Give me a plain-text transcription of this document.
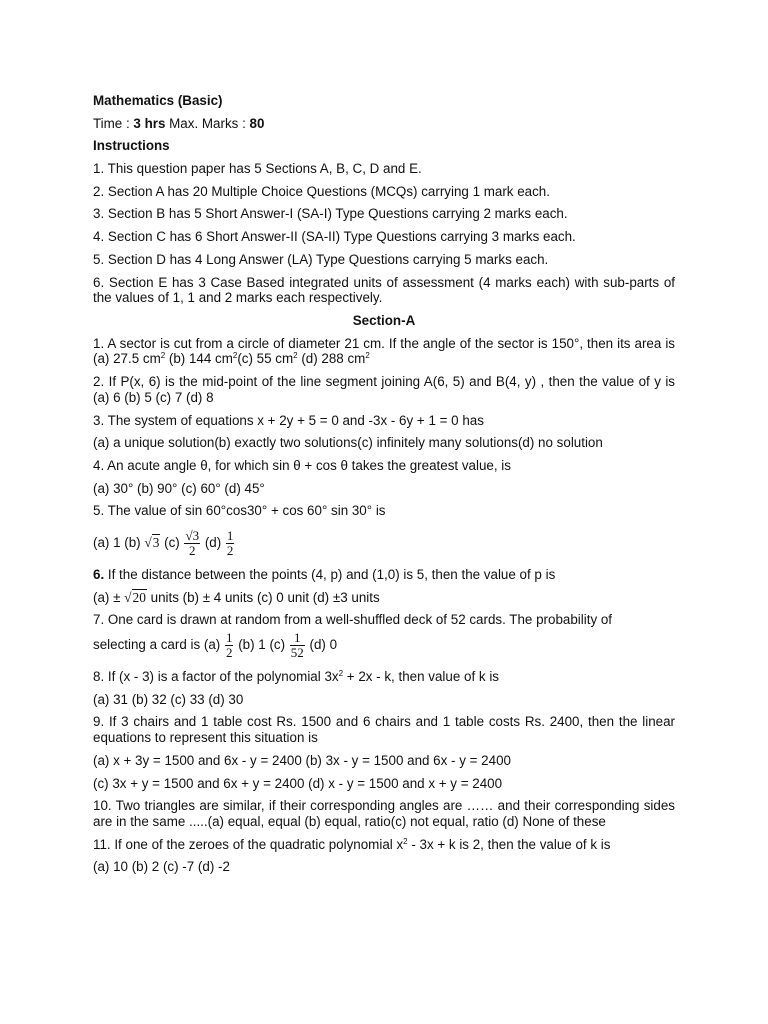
Mathematics (Basic)
Time : 3 hrs Max. Marks : 80
Instructions
1. This question paper has 5 Sections A, B, C, D and E.
2. Section A has 20 Multiple Choice Questions (MCQs) carrying 1 mark each.
3. Section B has 5 Short Answer-I (SA-I) Type Questions carrying 2 marks each.
4. Section C has 6 Short Answer-II (SA-II) Type Questions carrying 3 marks each.
5. Section D has 4 Long Answer (LA) Type Questions carrying 5 marks each.
6. Section E has 3 Case Based integrated units of assessment (4 marks each) with sub-parts of the values of 1, 1 and 2 marks each respectively.
Section-A
1. A sector is cut from a circle of diameter 21 cm. If the angle of the sector is 150°, then its area is (a) 27.5 $cm^2$ (b) 144 $cm^2(c)$ 55 $cm^2$ (d) 288 $cm^2$
2. If P(x, 6) is the mid-point of the line segment joining A(6, 5) and B(4, y) , then the value of y is (a) 6 (b) 5 (c) 7 (d) 8
3. The system of equations x + 2y + 5 = 0 and -3x - 6y + 1 = 0 has
(a) a unique solution(b) exactly two solutions(c) infinitely many solutions(d) no solution
4. An acute angle θ, for which sin θ + cos θ takes the greatest value, is
(a) 30° (b) 90° (c) 60° (d) 45°
5. The value of sin 60°cos30° + cos 60° sin 30° is
(a) 1 (b) √3 $(c) \frac{√3}{2} (d) \frac{1}{2}$
6. If the distance between the points (4, p) and (1,0) is 5, then the value of p is
(a) ± √20 units (b) ± 4 units (c) 0 unit (d) ±3 units
7. One card is drawn at random from a well-shuffled deck of 52 cards. The probability of
selecting a card is $(a) \frac{1}{2} (b)$ 1 $(c) \frac{1}{52} (d)$ 0
8. If (x - 3) is a factor of the polynomial $3x^2 + 2x - k$, then value of k is
(a) 31 (b) 32 (c) 33 (d) 30
9. If 3 chairs and 1 table cost Rs. 1500 and 6 chairs and 1 table costs Rs. 2400, then the linear equations to represent this situation is
(a) x + 3y = 1500 and 6x - y = 2400 (b) 3x - y = 1500 and 6x - y = 2400
(c) 3x + y = 1500 and 6x + y = 2400 (d) x - y = 1500 and x + y = 2400
10. Two triangles are similar, if their corresponding angles are …… and their corresponding sides are in the same .....(a) equal, equal (b) equal, ratio(c) not equal, ratio (d) None of these
11. If one of the zeroes of the quadratic polynomial $x^2 - 3x + k$ is 2, then the value of k is
(a) 10 (b) 2 (c) -7 (d) -2
